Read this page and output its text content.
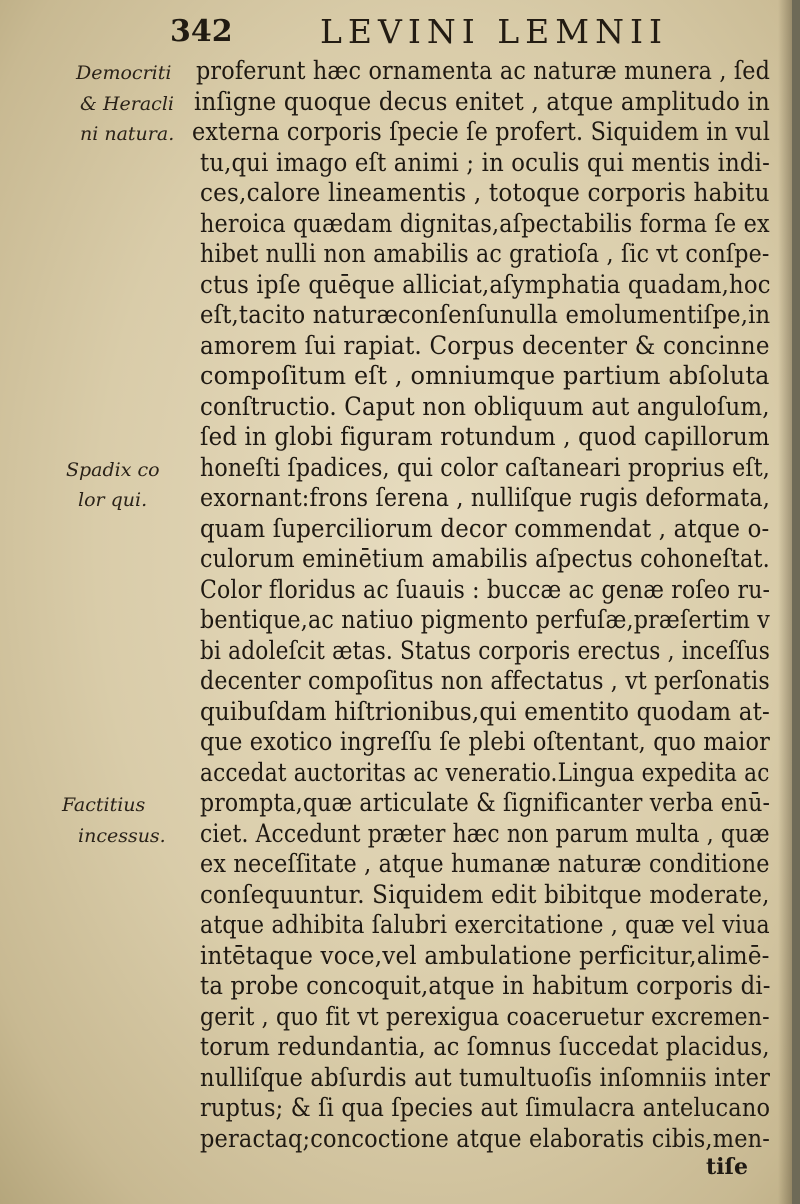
342	LEVINI LEMNII
Democriti
& Heracli
ni natura.
Spadix co
lor qui.
Factitius
incessus.
proferunt hæc ornamenta ac naturæ munera , ſed
inſigne quoque decus enitet , atque amplitudo in
externa corporis ſpecie ſe profert. Siquidem in vul
tu,qui imago eſt animi ; in oculis qui mentis indi-
ces,calore lineamentis , totoque corporis habitu
heroica quædam dignitas,aſpectabilis forma ſe ex
hibet nulli non amabilis ac gratioſa , ſic vt conſpe-
ctus ipſe quēque alliciat,aſymphatia quadam,hoc
eſt,tacito naturæconſenſunulla emolumentiſpe,in
amorem ſui rapiat. Corpus decenter & concinne
compoſitum eſt , omniumque partium abſoluta
conſtructio. Caput non obliquum aut anguloſum,
ſed in globi figuram rotundum , quod capillorum
honeſti ſpadices, qui color caſtaneari proprius eſt,
exornant:frons ſerena , nulliſque rugis deformata,
quam ſuperciliorum decor commendat , atque o-
culorum eminētium amabilis aſpectus cohoneſtat.
Color floridus ac ſuauis : buccæ ac genæ roſeo ru-
bentique,ac natiuo pigmento perfuſæ,præſertim v
bi adoleſcit ætas. Status corporis erectus , inceſſus
decenter compoſitus non affectatus , vt perſonatis
quibuſdam hiſtrionibus,qui ementito quodam at-
que exotico ingreſſu ſe plebi oſtentant, quo maior
accedat auctoritas ac veneratio.Lingua expedita ac
prompta,quæ articulate & ſignificanter verba enū-
ciet. Accedunt præter hæc non parum multa , quæ
ex neceſſitate , atque humanæ naturæ conditione
conſequuntur. Siquidem edit bibitque moderate,
atque adhibita ſalubri exercitatione , quæ vel viua
intētaque voce,vel ambulatione perficitur,alimē-
ta probe concoquit,atque in habitum corporis di-
gerit , quo fit vt perexigua coaceruetur excremen-
torum redundantia, ac ſomnus ſuccedat placidus,
nulliſque abſurdis aut tumultuoſis inſomniis inter
ruptus; & ſi qua ſpecies aut ſimulacra antelucano
peractaq;concoctione atque elaboratis cibis,men-
tiſe
